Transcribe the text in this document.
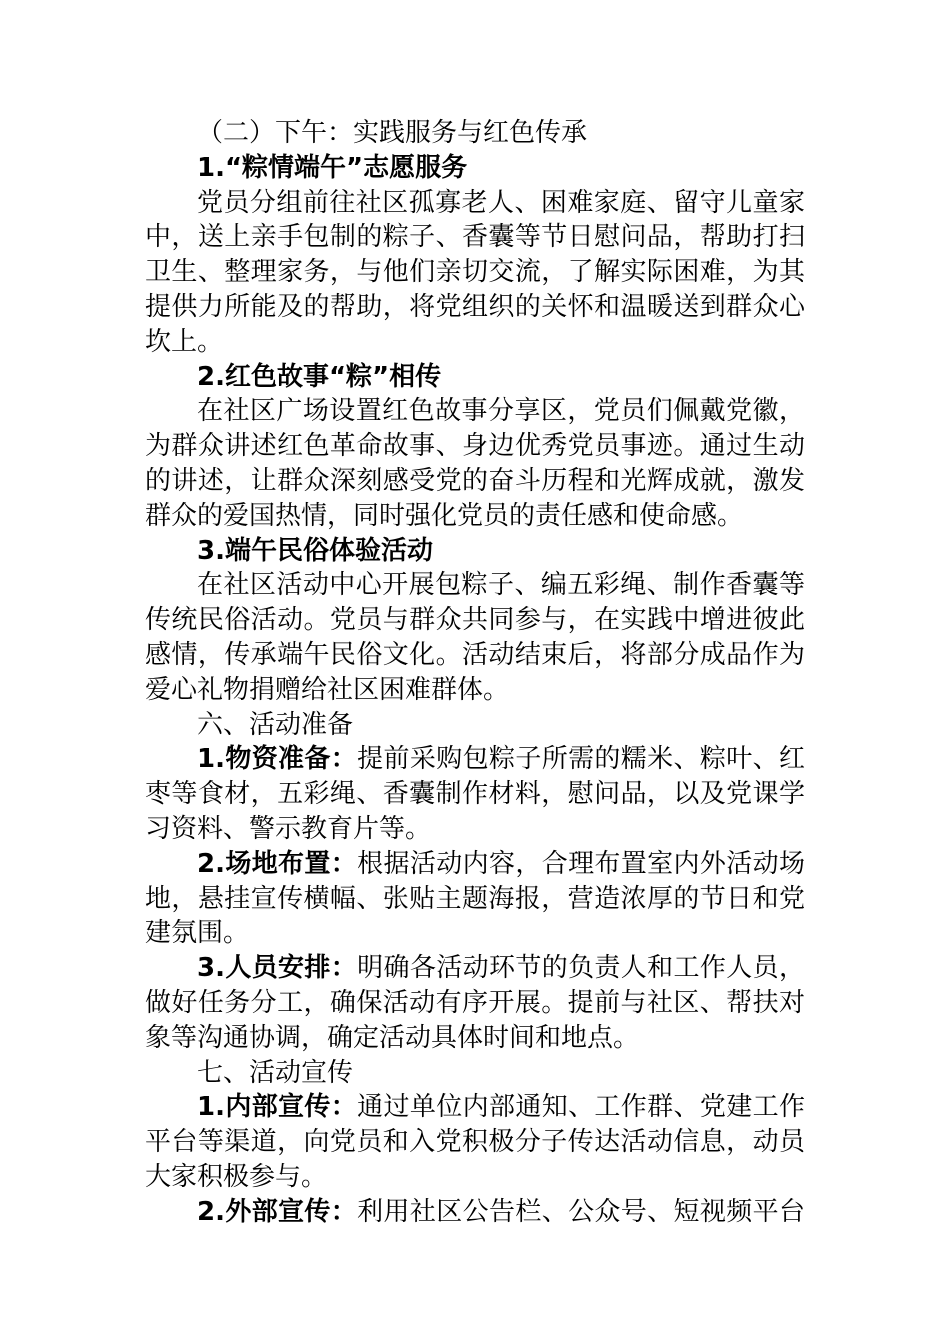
（二）下午：实践服务与红色传承
1.“粽情端午”志愿服务
党员分组前往社区孤寡老人、困难家庭、留守儿童家
中，送上亲手包制的粽子、香囊等节日慰问品，帮助打扫
卫生、整理家务，与他们亲切交流，了解实际困难，为其
提供力所能及的帮助，将党组织的关怀和温暖送到群众心
坎上。
2.红色故事“粽”相传
在社区广场设置红色故事分享区，党员们佩戴党徽，
为群众讲述红色革命故事、身边优秀党员事迹。通过生动
的讲述，让群众深刻感受党的奋斗历程和光辉成就，激发
群众的爱国热情，同时强化党员的责任感和使命感。
3.端午民俗体验活动
在社区活动中心开展包粽子、编五彩绳、制作香囊等
传统民俗活动。党员与群众共同参与，在实践中增进彼此
感情，传承端午民俗文化。活动结束后，将部分成品作为
爱心礼物捐赠给社区困难群体。
六、活动准备
1.物资准备：提前采购包粽子所需的糯米、粽叶、红
枣等食材，五彩绳、香囊制作材料，慰问品，以及党课学
习资料、警示教育片等。
2.场地布置：根据活动内容，合理布置室内外活动场
地，悬挂宣传横幅、张贴主题海报，营造浓厚的节日和党
建氛围。
3.人员安排：明确各活动环节的负责人和工作人员，
做好任务分工，确保活动有序开展。提前与社区、帮扶对
象等沟通协调，确定活动具体时间和地点。
七、活动宣传
1.内部宣传：通过单位内部通知、工作群、党建工作
平台等渠道，向党员和入党积极分子传达活动信息，动员
大家积极参与。
2.外部宣传：利用社区公告栏、公众号、短视频平台
